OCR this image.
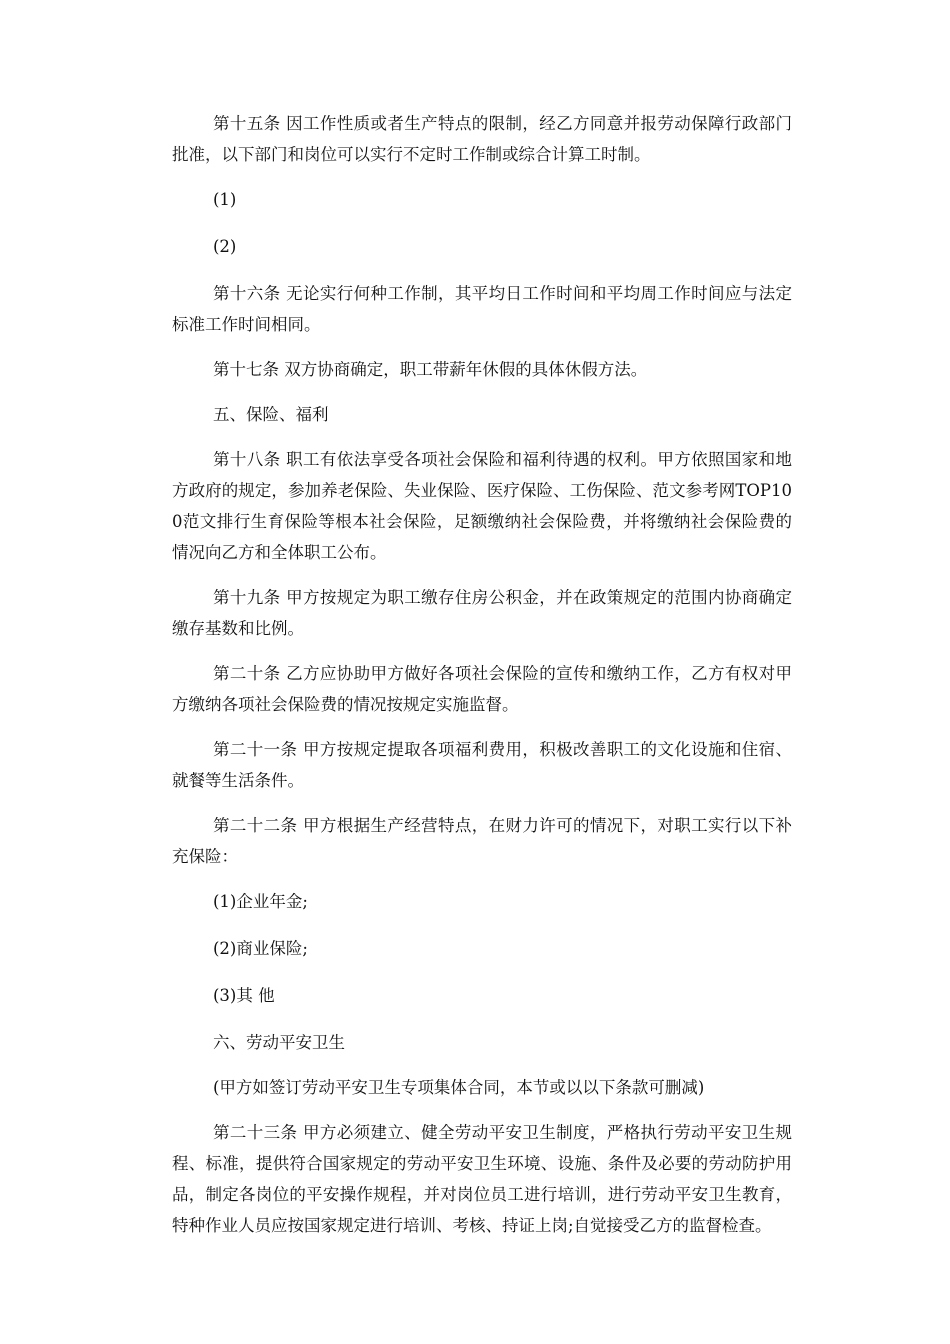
第十五条 因工作性质或者生产特点的限制，经乙方同意并报劳动保障行政部门批准，以下部门和岗位可以实行不定时工作制或综合计算工时制。

(1)

(2)

第十六条 无论实行何种工作制，其平均日工作时间和平均周工作时间应与法定标准工作时间相同。

第十七条 双方协商确定，职工带薪年休假的具体休假方法。

五、保险、福利

第十八条 职工有依法享受各项社会保险和福利待遇的权利。甲方依照国家和地方政府的规定，参加养老保险、失业保险、医疗保险、工伤保险、范文参考网TOP100范文排行生育保险等根本社会保险，足额缴纳社会保险费，并将缴纳社会保险费的情况向乙方和全体职工公布。

第十九条 甲方按规定为职工缴存住房公积金，并在政策规定的范围内协商确定缴存基数和比例。

第二十条 乙方应协助甲方做好各项社会保险的宣传和缴纳工作，乙方有权对甲方缴纳各项社会保险费的情况按规定实施监督。

第二十一条 甲方按规定提取各项福利费用，积极改善职工的文化设施和住宿、就餐等生活条件。

第二十二条 甲方根据生产经营特点，在财力许可的情况下，对职工实行以下补充保险：

(1)企业年金;

(2)商业保险;

(3)其 他

六、劳动平安卫生

(甲方如签订劳动平安卫生专项集体合同，本节或以以下条款可删减)

第二十三条 甲方必须建立、健全劳动平安卫生制度，严格执行劳动平安卫生规程、标准，提供符合国家规定的劳动平安卫生环境、设施、条件及必要的劳动防护用品，制定各岗位的平安操作规程，并对岗位员工进行培训，进行劳动平安卫生教育，特种作业人员应按国家规定进行培训、考核、持证上岗;自觉接受乙方的监督检查。
